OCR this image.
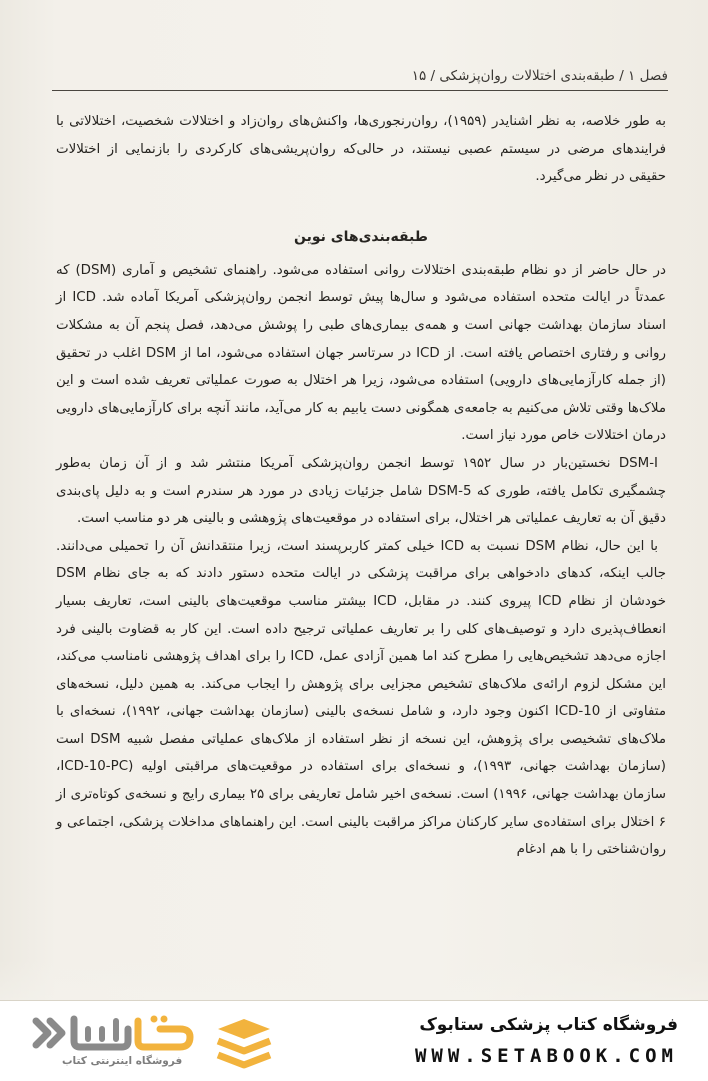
فصل ۱ / طبقه‌بندی اختلالات روان‌پزشکی / ۱۵

به طور خلاصه، به نظر اشنایدر (۱۹۵۹)، روان‌رنجوری‌ها، واکنش‌های روان‌زاد و اختلالات شخصیت، اختلالاتی با فرایندهای مرضی در سیستم عصبی نیستند، در حالی‌که روان‌پریشی‌های کارکردی را بازنمایی از اختلالات حقیقی در نظر می‌گیرد.

طبقه‌بندی‌های نوین

در حال حاضر از دو نظام طبقه‌بندی اختلالات روانی استفاده می‌شود. راهنمای تشخیص و آماری (DSM) که عمدتاً در ایالت متحده استفاده می‌شود و سال‌ها پیش توسط انجمن روان‌پزشکی آمریکا آماده شد. ICD از اسناد سازمان بهداشت جهانی است و همه‌ی بیماری‌های طبی را پوشش می‌دهد، فصل پنجم آن به مشکلات روانی و رفتاری اختصاص یافته است. از ICD در سرتاسر جهان استفاده می‌شود، اما از DSM اغلب در تحقیق (از جمله کارآزمایی‌های دارویی) استفاده می‌شود، زیرا هر اختلال به صورت عملیاتی تعریف شده است و این ملاک‌ها وقتی تلاش می‌کنیم به جامعه‌ی همگونی دست یابیم به کار می‌آید، مانند آنچه برای کارآزمایی‌های دارویی درمان اختلالات خاص مورد نیاز است.

DSM-I نخستین‌بار در سال ۱۹۵۲ توسط انجمن روان‌پزشکی آمریکا منتشر شد و از آن زمان به‌طور چشمگیری تکامل یافته، طوری که DSM-5 شامل جزئیات زیادی در مورد هر سندرم است و به دلیل پای‌بندی دقیق آن به تعاریف عملیاتی هر اختلال، برای استفاده در موقعیت‌های پژوهشی و بالینی هر دو مناسب است.

با این حال، نظام DSM نسبت به ICD خیلی کمتر کاربرپسند است، زیرا منتقدانش آن را تحمیلی می‌دانند. جالب اینکه، کدهای دادخواهی برای مراقبت پزشکی در ایالت متحده دستور دادند که به جای نظام DSM خودشان از نظام ICD پیروی کنند. در مقابل، ICD بیشتر مناسب موقعیت‌های بالینی است، تعاریف بسیار انعطاف‌پذیری دارد و توصیف‌های کلی را بر تعاریف عملیاتی ترجیح داده است. این کار به قضاوت بالینی فرد اجازه می‌دهد تشخیص‌هایی را مطرح کند اما همین آزادی عمل، ICD را برای اهداف پژوهشی نامناسب می‌کند، این مشکل لزوم ارائه‌ی ملاک‌های تشخیص مجزایی برای پژوهش را ایجاب می‌کند. به همین دلیل، نسخه‌های متفاوتی از ICD-10 اکنون وجود دارد، و شامل نسخه‌ی بالینی (سازمان بهداشت جهانی، ۱۹۹۲)، نسخه‌ای با ملاک‌های تشخیصی برای پژوهش، این نسخه از نظر استفاده از ملاک‌های عملیاتی مفصل شبیه DSM است (سازمان بهداشت جهانی، ۱۹۹۳)، و نسخه‌ای برای استفاده در موقعیت‌های مراقبتی اولیه (ICD-10-PC، سازمان بهداشت جهانی، ۱۹۹۶) است. نسخه‌ی اخیر شامل تعاریفی برای ۲۵ بیماری رایج و نسخه‌ی کوتاه‌تری از ۶ اختلال برای استفاده‌ی سایر کارکنان مراکز مراقبت بالینی است. این راهنماهای مداخلات پزشکی، اجتماعی و روان‌شناختی را با هم ادغام

فروشگاه اینترنتی کتاب
فروشگاه کتاب پزشکی ستابوک
WWW.SETABOOK.COM
